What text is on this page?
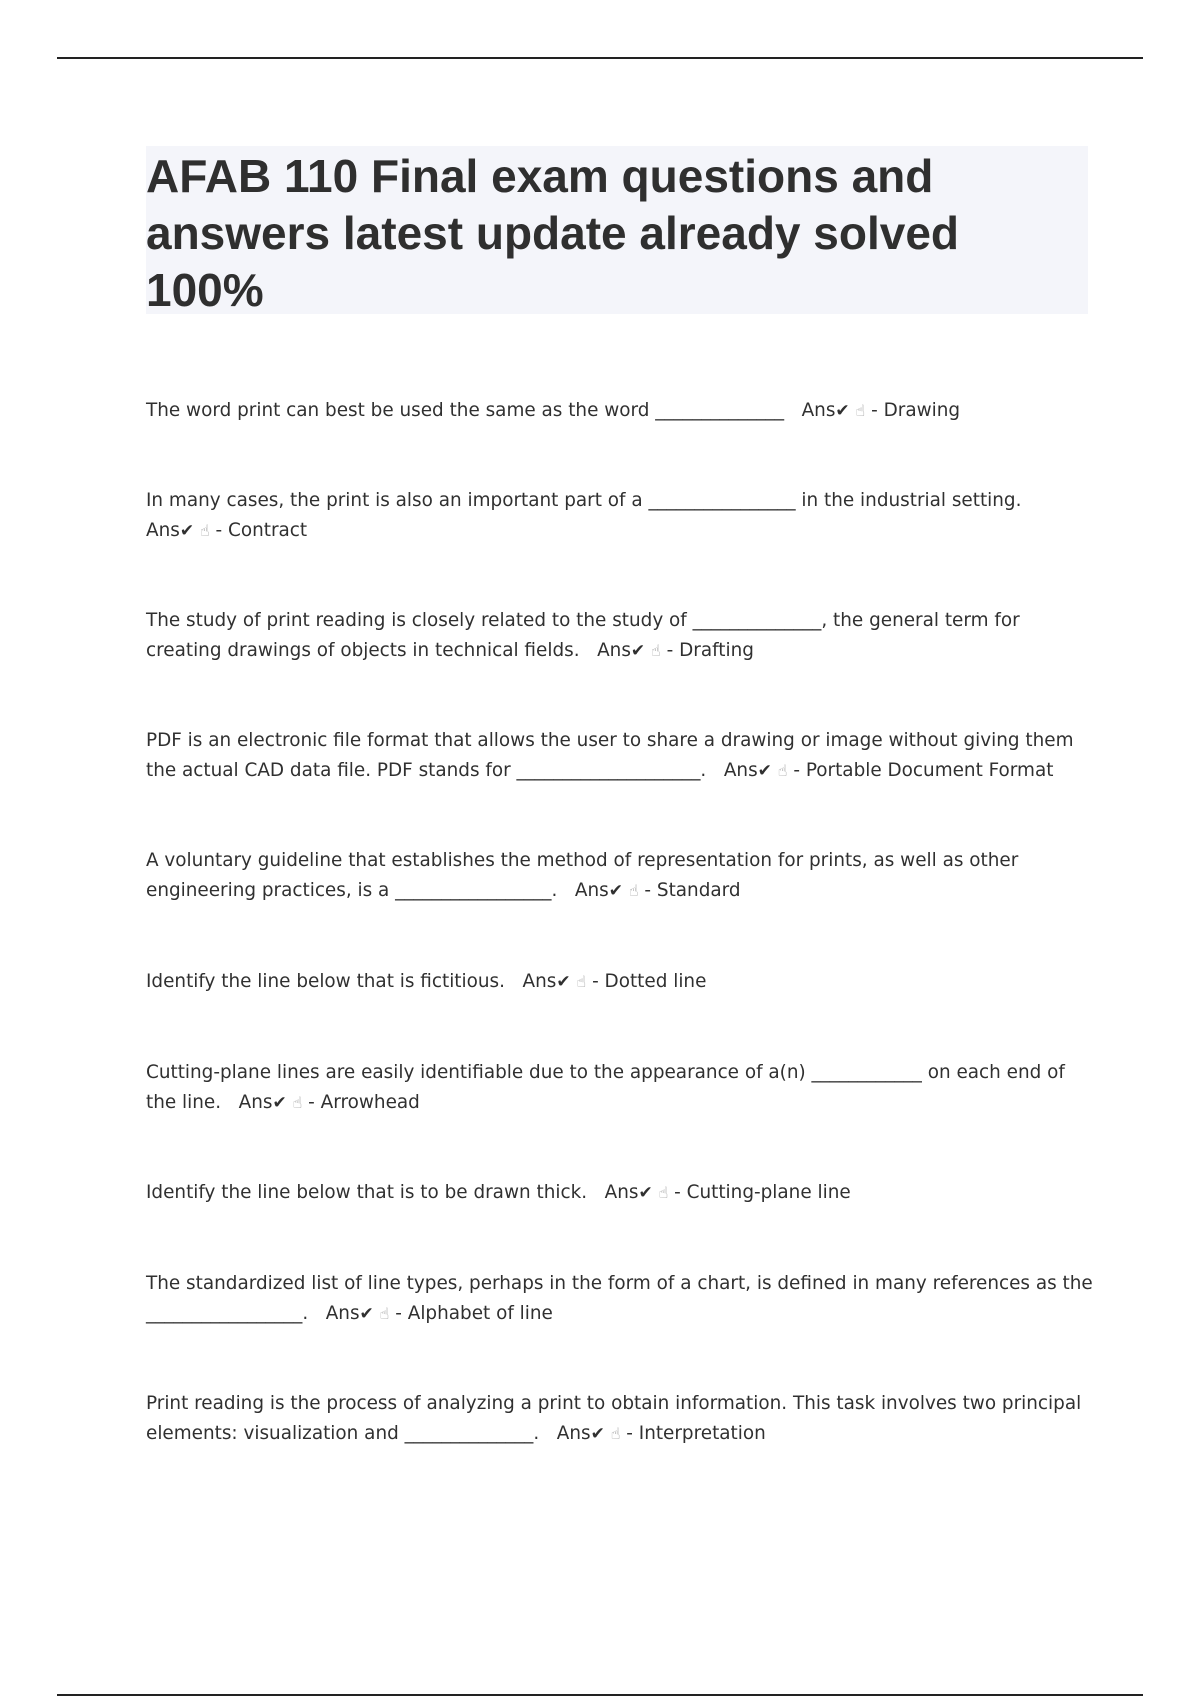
AFAB 110 Final exam questions and answers latest update already solved 100%

The word print can best be used the same as the word ______________   Ans✔ ☝ - Drawing

In many cases, the print is also an important part of a ________________ in the industrial setting.
Ans✔ ☝ - Contract

The study of print reading is closely related to the study of ______________, the general term for creating drawings of objects in technical fields.   Ans✔ ☝ - Drafting

PDF is an electronic file format that allows the user to share a drawing or image without giving them the actual CAD data file. PDF stands for ____________________.   Ans✔ ☝ - Portable Document Format

A voluntary guideline that establishes the method of representation for prints, as well as other engineering practices, is a _________________.   Ans✔ ☝ - Standard

Identify the line below that is fictitious.   Ans✔ ☝ - Dotted line

Cutting-plane lines are easily identifiable due to the appearance of a(n) ____________ on each end of the line.   Ans✔ ☝ - Arrowhead

Identify the line below that is to be drawn thick.   Ans✔ ☝ - Cutting-plane line

The standardized list of line types, perhaps in the form of a chart, is defined in many references as the _________________.   Ans✔ ☝ - Alphabet of line

Print reading is the process of analyzing a print to obtain information. This task involves two principal elements: visualization and ______________.   Ans✔ ☝ - Interpretation
